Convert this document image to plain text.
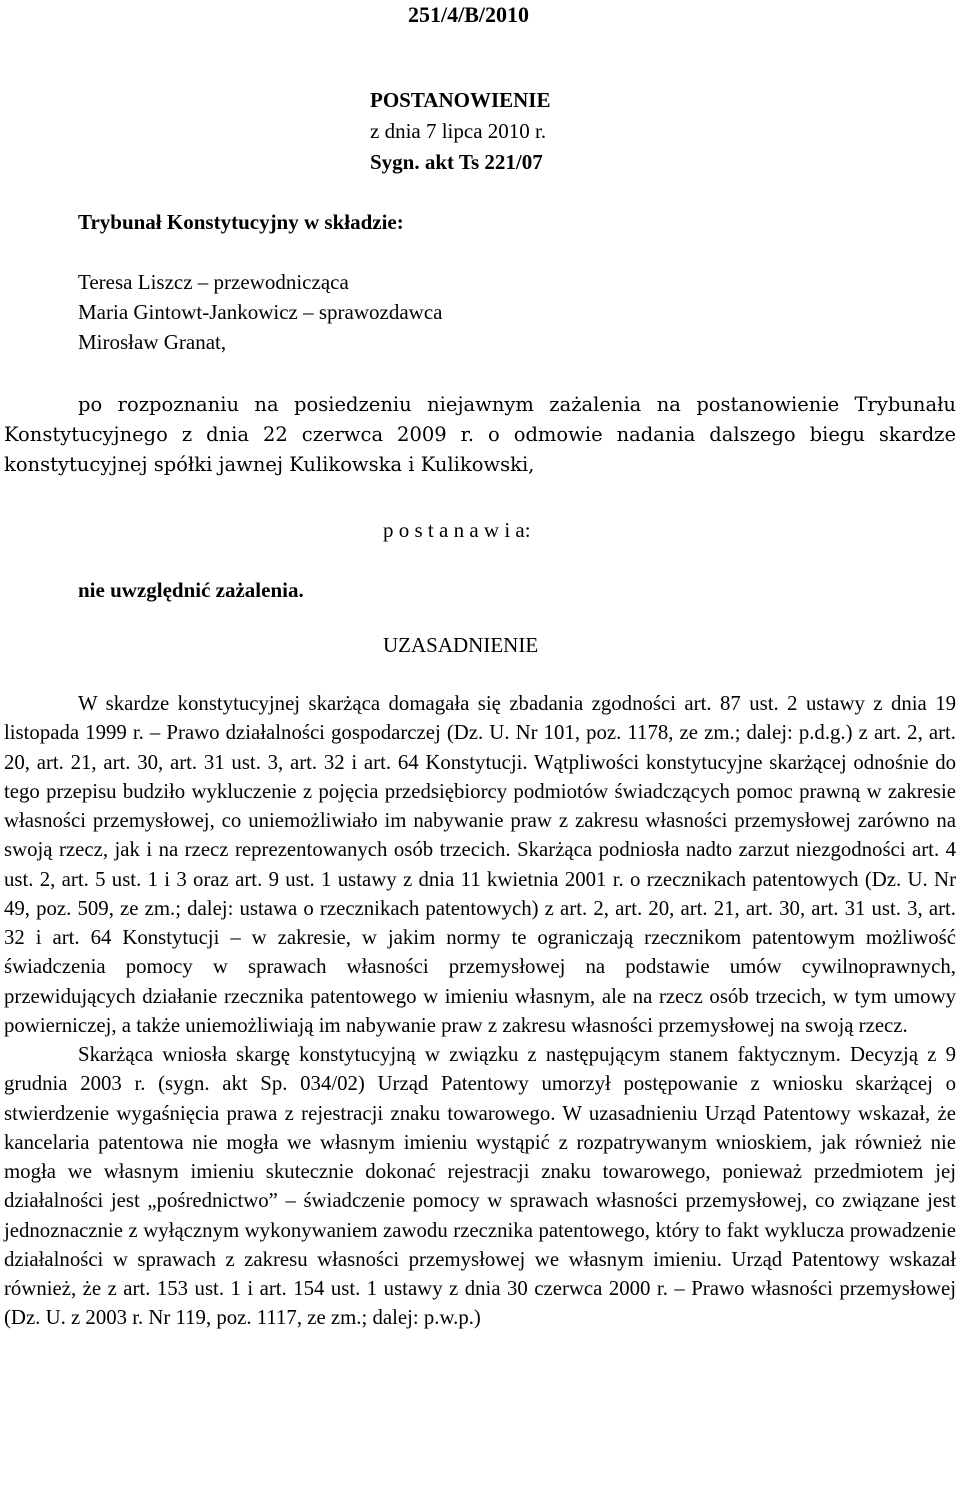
251/4/B/2010
POSTANOWIENIE
z dnia 7 lipca 2010 r.
Sygn. akt Ts 221/07
Trybunał Konstytucyjny w składzie:
Teresa Liszcz – przewodnicząca
Maria Gintowt-Jankowicz – sprawozdawca
Mirosław Granat,

po rozpoznaniu na posiedzeniu niejawnym zażalenia na postanowienie Trybunału Konstytucyjnego z dnia 22 czerwca 2009 r. o odmowie nadania dalszego biegu skardze konstytucyjnej spółki jawnej Kulikowska i Kulikowski,

p o s t a n a w i a:
nie uwzględnić zażalenia.
UZASADNIENIE

W skardze konstytucyjnej skarżąca domagała się zbadania zgodności art. 87 ust. 2 ustawy z dnia 19 listopada 1999 r. – Prawo działalności gospodarczej (Dz. U. Nr 101, poz. 1178, ze zm.; dalej: p.d.g.) z art. 2, art. 20, art. 21, art. 30, art. 31 ust. 3, art. 32 i art. 64 Konstytucji. Wątpliwości konstytucyjne skarżącej odnośnie do tego przepisu budziło wykluczenie z pojęcia przedsiębiorcy podmiotów świadczących pomoc prawną w zakresie własności przemysłowej, co uniemożliwiało im nabywanie praw z zakresu własności przemysłowej zarówno na swoją rzecz, jak i na rzecz reprezentowanych osób trzecich. Skarżąca podniosła nadto zarzut niezgodności art. 4 ust. 2, art. 5 ust. 1 i 3 oraz art. 9 ust. 1 ustawy z dnia 11 kwietnia 2001 r. o rzecznikach patentowych (Dz. U. Nr 49, poz. 509, ze zm.; dalej: ustawa o rzecznikach patentowych) z art. 2, art. 20, art. 21, art. 30, art. 31 ust. 3, art. 32 i art. 64 Konstytucji – w zakresie, w jakim normy te ograniczają rzecznikom patentowym możliwość świadczenia pomocy w sprawach własności przemysłowej na podstawie umów cywilnoprawnych, przewidujących działanie rzecznika patentowego w imieniu własnym, ale na rzecz osób trzecich, w tym umowy powierniczej, a także uniemożliwiają im nabywanie praw z zakresu własności przemysłowej na swoją rzecz.

Skarżąca wniosła skargę konstytucyjną w związku z następującym stanem faktycznym. Decyzją z 9 grudnia 2003 r. (sygn. akt Sp. 034/02) Urząd Patentowy umorzył postępowanie z wniosku skarżącej o stwierdzenie wygaśnięcia prawa z rejestracji znaku towarowego. W uzasadnieniu Urząd Patentowy wskazał, że kancelaria patentowa nie mogła we własnym imieniu wystąpić z rozpatrywanym wnioskiem, jak również nie mogła we własnym imieniu skutecznie dokonać rejestracji znaku towarowego, ponieważ przedmiotem jej działalności jest „pośrednictwo” – świadczenie pomocy w sprawach własności przemysłowej, co związane jest jednoznacznie z wyłącznym wykonywaniem zawodu rzecznika patentowego, który to fakt wyklucza prowadzenie działalności w sprawach z zakresu własności przemysłowej we własnym imieniu. Urząd Patentowy wskazał również, że z art. 153 ust. 1 i art. 154 ust. 1 ustawy z dnia 30 czerwca 2000 r. – Prawo własności przemysłowej (Dz. U. z 2003 r. Nr 119, poz. 1117, ze zm.; dalej: p.w.p.)
